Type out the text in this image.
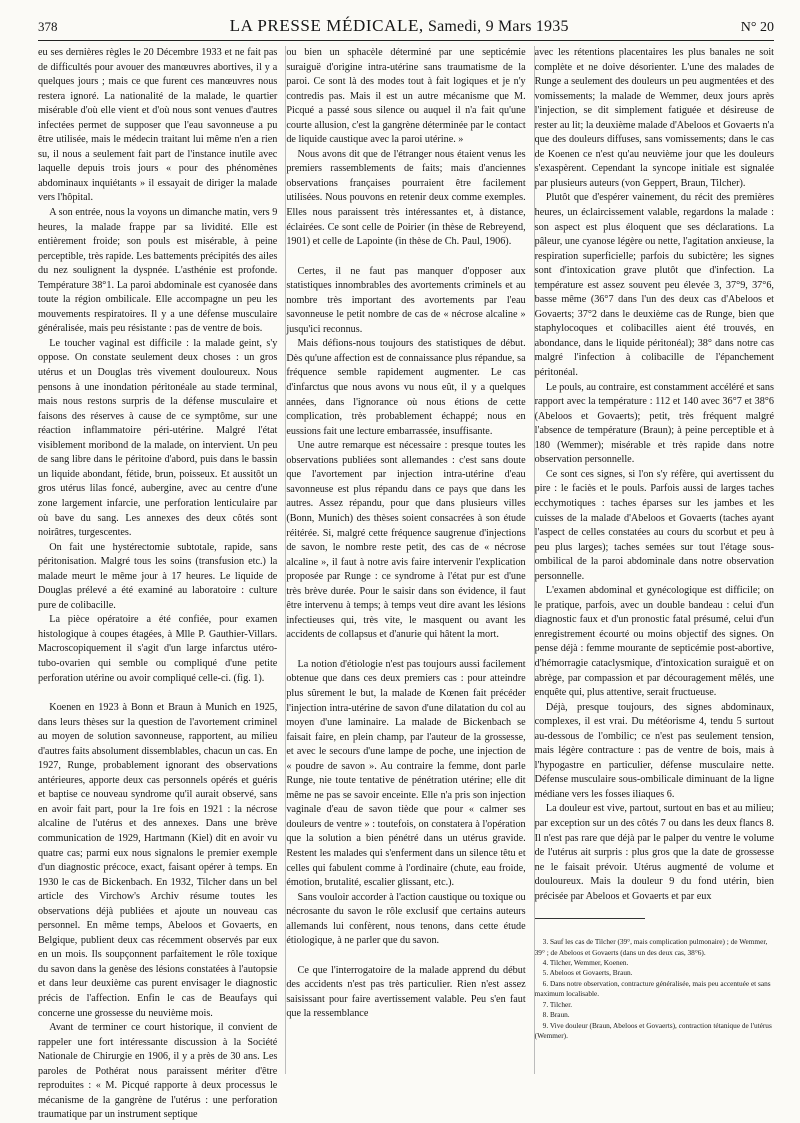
378	LA PRESSE MÉDICALE, Samedi, 9 Mars 1935	N° 20

eu ses dernières règles le 20 Décembre 1933 et ne fait pas de difficultés pour avouer des manœuvres abortives, il y a quelques jours ; mais ce que furent ces manœuvres nous restera ignoré. La nationalité de la malade, le quartier misérable d'où elle vient et d'où nous sont venues d'autres infectées permet de supposer que l'eau savonneuse a pu être utilisée, mais le médecin traitant lui même n'en a rien su, il nous a seulement fait part de l'instance inutile avec laquelle depuis trois jours « pour des phénomènes abdominaux inquiétants » il essayait de diriger la malade vers l'hôpital.

A son entrée, nous la voyons un dimanche matin, vers 9 heures, la malade frappe par sa lividité. Elle est entièrement froide; son pouls est misérable, à peine perceptible, très rapide. Les battements précipités des ailes du nez soulignent la dyspnée. L'asthénie est profonde. Température 38°1. La paroi abdominale est cyanosée dans toute la région ombilicale. Elle accompagne un peu les mouvements respiratoires. Il y a une défense musculaire généralisée, mais peu résistante : pas de ventre de bois.

Le toucher vaginal est difficile : la malade geint, s'y oppose. On constate seulement deux choses : un gros utérus et un Douglas très vivement douloureux. Nous pensons à une inondation péritonéale au stade terminal, mais nous restons surpris de la défense musculaire et faisons des réserves à cause de ce symptôme, sur une réaction inflammatoire péri-utérine. Malgré l'état visiblement moribond de la malade, on intervient. Un peu de sang libre dans le péritoine d'abord, puis dans le bassin un liquide abondant, fétide, brun, poisseux. Et aussitôt un gros utérus lilas foncé, aubergine, avec au centre d'une zone largement infarcie, une perforation lenticulaire par où bave du sang. Les annexes des deux côtés sont noirâtres, turgescentes.

On fait une hystérectomie subtotale, rapide, sans péritonisation. Malgré tous les soins (transfusion etc.) la malade meurt le même jour à 17 heures. Le liquide de Douglas prélevé a été examiné au laboratoire : culture pure de colibacille.

La pièce opératoire a été confiée, pour examen histologique à coupes étagées, à Mlle P. Gauthier-Villars. Macroscopiquement il s'agit d'un large infarctus utéro-tubo-ovarien qui semble ou compliqué d'une petite perforation utérine ou avoir compliqué celle-ci. (fig. 1).

Koenen en 1923 à Bonn et Braun à Munich en 1925, dans leurs thèses sur la question de l'avortement criminel au moyen de solution savonneuse, rapportent, au milieu d'autres faits absolument dissemblables, chacun un cas. En 1927, Runge, probablement ignorant des observations antérieures, apporte deux cas personnels opérés et guéris et baptise ce nouveau syndrome qu'il aurait observé, sans en avoir fait part, pour la 1re fois en 1921 : la nécrose alcaline de l'utérus et des annexes. Dans une brève communication de 1929, Hartmann (Kiel) dit en avoir vu quatre cas; parmi eux nous signalons le premier exemple d'un diagnostic précoce, exact, faisant opérer à temps. En 1930 le cas de Bickenbach. En 1932, Tilcher dans un bel article des Virchow's Archiv résume toutes les observations déjà publiées et ajoute un nouveau cas personnel. En même temps, Abeloos et Govaerts, en Belgique, publient deux cas récemment observés par eux en un mois. Ils soupçonnent parfaitement le rôle toxique du savon dans la genèse des lésions constatées à l'autopsie et dans leur deuxième cas purent envisager le diagnostic précis de l'affection. Enfin le cas de Beaufays qui concerne une grossesse du neuvième mois.

Avant de terminer ce court historique, il convient de rappeler une fort intéressante discussion à la Société Nationale de Chirurgie en 1906, il y a près de 30 ans. Les paroles de Pothérat nous paraissent mériter d'être reproduites : « M. Picqué rapporte à deux processus le mécanisme de la gangrène de l'utérus : une perforation traumatique par un instrument septique

ou bien un sphacèle déterminé par une septicémie suraiguë d'origine intra-utérine sans traumatisme de la paroi. Ce sont là des modes tout à fait logiques et je n'y contredis pas. Mais il est un autre mécanisme que M. Picqué a passé sous silence ou auquel il n'a fait qu'une courte allusion, c'est la gangrène déterminée par le contact de liquide caustique avec la paroi utérine. »

Nous avons dit que de l'étranger nous étaient venus les premiers rassemblements de faits; mais d'anciennes observations françaises pourraient être facilement utilisées. Nous pouvons en retenir deux comme exemples. Elles nous paraissent très intéressantes et, à distance, éclairées. Ce sont celle de Poirier (in thèse de Rebreyend, 1901) et celle de Lapointe (in thèse de Ch. Paul, 1906).

Certes, il ne faut pas manquer d'opposer aux statistiques innombrables des avortements criminels et au nombre très important des avortements par l'eau savonneuse le petit nombre de cas de « nécrose alcaline » jusqu'ici reconnus.

Mais défions-nous toujours des statistiques de début. Dès qu'une affection est de connaissance plus répandue, sa fréquence semble rapidement augmenter. Le cas d'infarctus que nous avons vu nous eût, il y a quelques années, dans l'ignorance où nous étions de cette complication, très probablement échappé; nous en eussions fait une lecture embarrassée, insuffisante.

Une autre remarque est nécessaire : presque toutes les observations publiées sont allemandes : c'est sans doute que l'avortement par injection intra-utérine d'eau savonneuse est plus répandu dans ce pays que dans les autres. Assez répandu, pour que dans plusieurs villes (Bonn, Munich) des thèses soient consacrées à son étude réitérée. Si, malgré cette fréquence saugrenue d'injections de savon, le nombre reste petit, des cas de « nécrose alcaline », il faut à notre avis faire intervenir l'explication proposée par Runge : ce syndrome à l'état pur est d'une très brève durée. Pour le saisir dans son évidence, il faut être intervenu à temps; à temps veut dire avant les lésions infectieuses qui, très vite, le masquent ou avant les accidents de collapsus et d'anurie qui hâtent la mort.

La notion d'étiologie n'est pas toujours aussi facilement obtenue que dans ces deux premiers cas : pour atteindre plus sûrement le but, la malade de Kœnen fait précéder l'injection intra-utérine de savon d'une dilatation du col au moyen d'une laminaire. La malade de Bickenbach se faisait faire, en plein champ, par l'auteur de la grossesse, et avec le secours d'une lampe de poche, une injection de « poudre de savon ». Au contraire la femme, dont parle Runge, nie toute tentative de pénétration utérine; elle dit même ne pas se savoir enceinte. Elle n'a pris son injection vaginale d'eau de savon tiède que pour « calmer ses douleurs de ventre » : toutefois, on constatera à l'opération que la solution a bien pénétré dans un utérus gravide. Restent les malades qui s'enferment dans un silence têtu et celles qui fabulent comme à l'ordinaire (chute, eau froide, émotion, brutalité, escalier glissant, etc.).

Sans vouloir accorder à l'action caustique ou toxique ou nécrosante du savon le rôle exclusif que certains auteurs allemands lui confèrent, nous tenons, dans cette étude étiologique, à ne parler que du savon.

Ce que l'interrogatoire de la malade apprend du début des accidents n'est pas très particulier. Rien n'est assez saisissant pour faire avertissement valable. Peu s'en faut que la ressemblance

avec les rétentions placentaires les plus banales ne soit complète et ne doive désorienter. L'une des malades de Runge a seulement des douleurs un peu augmentées et des vomissements; la malade de Wemmer, deux jours après l'injection, se dit simplement fatiguée et désireuse de rester au lit; la deuxième malade d'Abeloos et Govaerts n'a que des douleurs diffuses, sans vomissements; dans le cas de Koenen ce n'est qu'au neuvième jour que les douleurs s'exaspèrent. Cependant la syncope initiale est signalée par plusieurs auteurs (von Geppert, Braun, Tilcher).

Plutôt que d'espérer vainement, du récit des premières heures, un éclaircissement valable, regardons la malade : son aspect est plus éloquent que ses déclarations. La pâleur, une cyanose légère ou nette, l'agitation anxieuse, la respiration superficielle; parfois du subictère; les signes sont d'intoxication grave plutôt que d'infection. La température est assez souvent peu élevée 3, 37°9, 37°6, basse même (36°7 dans l'un des deux cas d'Abeloos et Govaerts; 37°2 dans le deuxième cas de Runge, bien que staphylocoques et colibacilles aient été trouvés, en abondance, dans le liquide péritonéal); 38° dans notre cas malgré l'infection à colibacille de l'épanchement péritonéal.

Le pouls, au contraire, est constamment accéléré et sans rapport avec la température : 112 et 140 avec 36°7 et 38°6 (Abeloos et Govaerts); petit, très fréquent malgré l'absence de température (Braun); à peine perceptible et à 180 (Wemmer); misérable et très rapide dans notre observation personnelle.

Ce sont ces signes, si l'on s'y réfère, qui avertissent du pire : le faciès et le pouls. Parfois aussi de larges taches ecchymotiques : taches éparses sur les jambes et les cuisses de la malade d'Abeloos et Govaerts (taches ayant l'aspect de celles constatées au cours du scorbut et peu à peu plus larges); taches semées sur tout l'étage sous-ombilical de la paroi abdominale dans notre observation personnelle.

L'examen abdominal et gynécologique est difficile; on le pratique, parfois, avec un double bandeau : celui d'un diagnostic faux et d'un pronostic fatal présumé, celui d'un enregistrement écourté ou moins objectif des signes. On pense déjà : femme mourante de septicémie post-abortive, d'hémorragie cataclysmique, d'intoxication suraiguë et on abrège, par compassion et par découragement mêlés, une enquête qui, plus attentive, serait fructueuse.

Déjà, presque toujours, des signes abdominaux, complexes, il est vrai. Du météorisme 4, tendu 5 surtout au-dessous de l'ombilic; ce n'est pas seulement tension, mais légère contracture : pas de ventre de bois, mais à l'hypogastre en particulier, défense musculaire nette. Défense musculaire sous-ombilicale diminuant de la ligne médiane vers les fosses iliaques 6.

La douleur est vive, partout, surtout en bas et au milieu; par exception sur un des côtés 7 ou dans les deux flancs 8. Il n'est pas rare que déjà par le palper du ventre le volume de l'utérus ait surpris : plus gros que la date de grossesse ne le faisait prévoir. Utérus augmenté de volume et douloureux. Mais la douleur 9 du fond utérin, bien précisée par Abeloos et Govaerts et par eux

3. Sauf les cas de Tilcher (39°, mais complication pulmonaire) ; de Wemmer, 39° ; de Abeloos et Govaerts (dans un des deux cas, 38°6).

4. Tilcher, Wemmer, Koenen.

5. Abeloos et Govaerts, Braun.

6. Dans notre observation, contracture généralisée, mais peu accentuée et sans maximum localisable.

7. Tilcher.

8. Braun.

9. Vive douleur (Braun, Abeloos et Govaerts), contraction tétanique de l'utérus (Wemmer).
